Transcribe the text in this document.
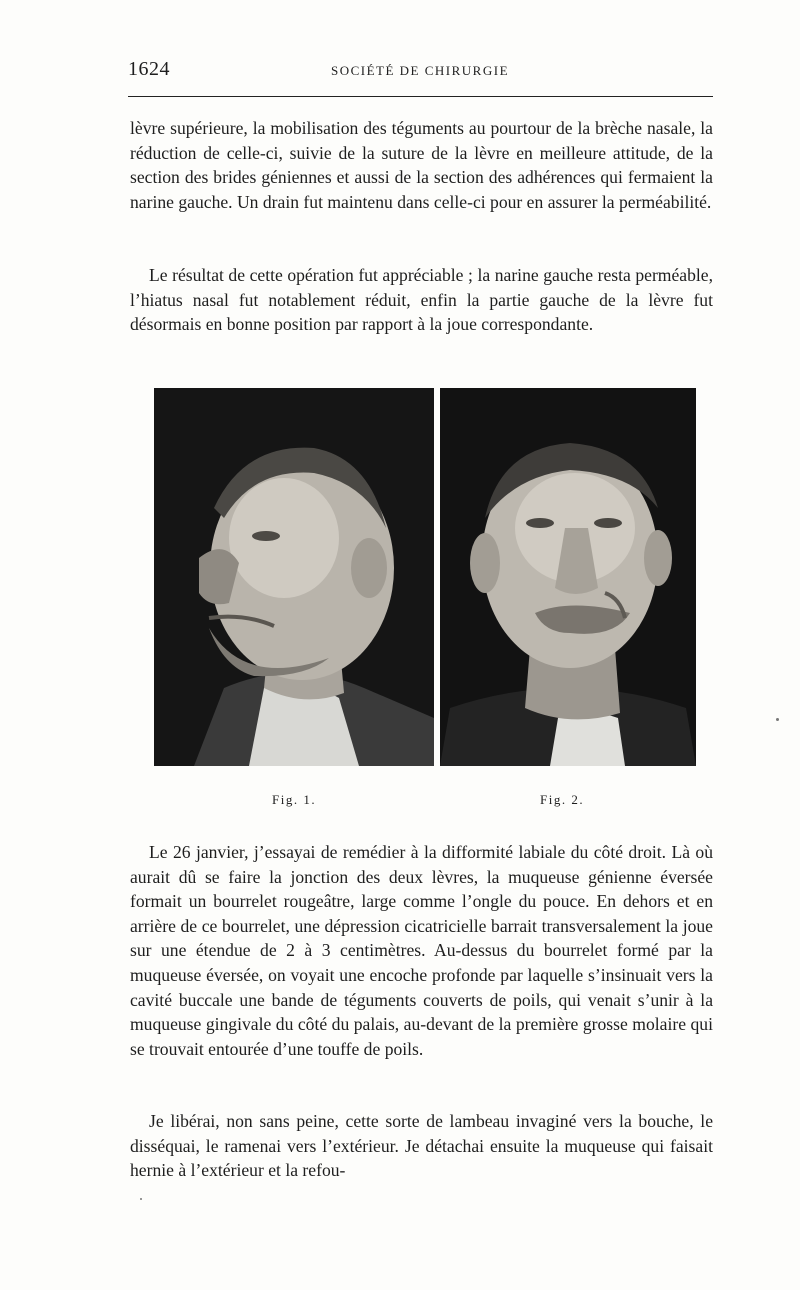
1624	SOCIÉTÉ DE CHIRURGIE

lèvre supérieure, la mobilisation des téguments au pourtour de la brèche nasale, la réduction de celle-ci, suivie de la suture de la lèvre en meilleure attitude, de la section des brides géniennes et aussi de la section des adhérences qui fermaient la narine gauche. Un drain fut maintenu dans celle-ci pour en assurer la perméabilité.

Le résultat de cette opération fut appréciable ; la narine gauche resta perméable, l’hiatus nasal fut notablement réduit, enfin la partie gauche de la lèvre fut désormais en bonne position par rapport à la joue correspondante.

Fig. 1.	Fig. 2.

Le 26 janvier, j’essayai de remédier à la difformité labiale du côté droit. Là où aurait dû se faire la jonction des deux lèvres, la muqueuse génienne éversée formait un bourrelet rougeâtre, large comme l’ongle du pouce. En dehors et en arrière de ce bourrelet, une dépression cicatricielle barrait transversalement la joue sur une étendue de 2 à 3 centimètres. Au-dessus du bourrelet formé par la muqueuse éversée, on voyait une encoche profonde par laquelle s’insinuait vers la cavité buccale une bande de téguments couverts de poils, qui venait s’unir à la muqueuse gingivale du côté du palais, au-devant de la première grosse molaire qui se trouvait entourée d’une touffe de poils.

Je libérai, non sans peine, cette sorte de lambeau invaginé vers la bouche, le disséquai, le ramenai vers l’extérieur. Je détachai ensuite la muqueuse qui faisait hernie à l’extérieur et la refou-
